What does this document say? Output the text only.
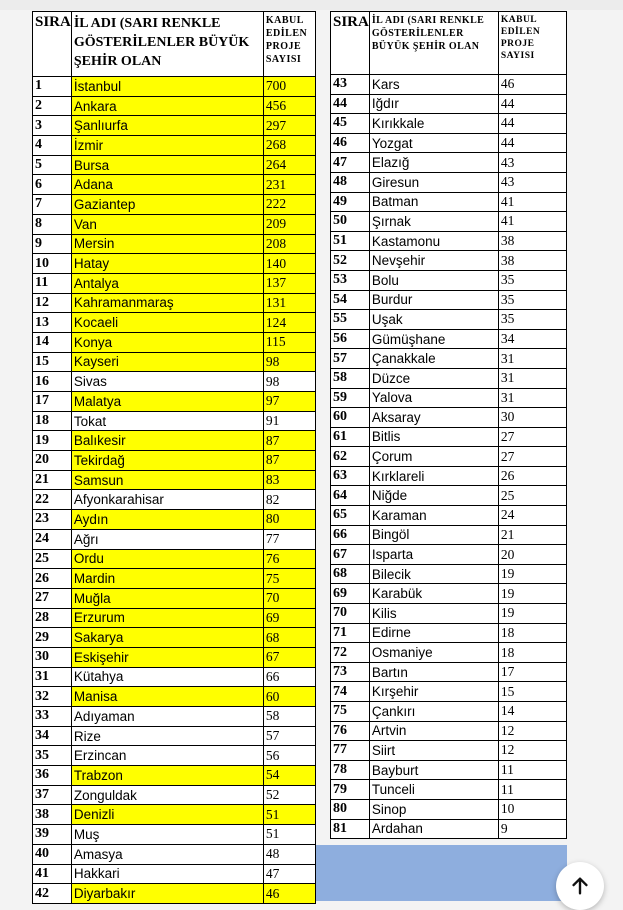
SIRA	İL ADI (SARI RENKLE GÖSTERİLENLER BÜYÜK ŞEHİR OLAN	KABUL EDİLEN PROJE SAYISI
1	İstanbul	700
2	Ankara	456
3	Şanlıurfa	297
4	İzmir	268
5	Bursa	264
6	Adana	231
7	Gaziantep	222
8	Van	209
9	Mersin	208
10	Hatay	140
11	Antalya	137
12	Kahramanmaraş	131
13	Kocaeli	124
14	Konya	115
15	Kayseri	98
16	Sivas	98
17	Malatya	97
18	Tokat	91
19	Balıkesir	87
20	Tekirdağ	87
21	Samsun	83
22	Afyonkarahisar	82
23	Aydın	80
24	Ağrı	77
25	Ordu	76
26	Mardin	75
27	Muğla	70
28	Erzurum	69
29	Sakarya	68
30	Eskişehir	67
31	Kütahya	66
32	Manisa	60
33	Adıyaman	58
34	Rize	57
35	Erzincan	56
36	Trabzon	54
37	Zonguldak	52
38	Denizli	51
39	Muş	51
40	Amasya	48
41	Hakkari	47
42	Diyarbakır	46
SIRA	İL ADI (SARI RENKLE GÖSTERİLENLER BÜYÜK ŞEHİR OLAN	KABUL EDİLEN PROJE SAYISI
43	Kars	46
44	Iğdır	44
45	Kırıkkale	44
46	Yozgat	44
47	Elazığ	43
48	Giresun	43
49	Batman	41
50	Şırnak	41
51	Kastamonu	38
52	Nevşehir	38
53	Bolu	35
54	Burdur	35
55	Uşak	35
56	Gümüşhane	34
57	Çanakkale	31
58	Düzce	31
59	Yalova	31
60	Aksaray	30
61	Bitlis	27
62	Çorum	27
63	Kırklareli	26
64	Niğde	25
65	Karaman	24
66	Bingöl	21
67	Isparta	20
68	Bilecik	19
69	Karabük	19
70	Kilis	19
71	Edirne	18
72	Osmaniye	18
73	Bartın	17
74	Kırşehir	15
75	Çankırı	14
76	Artvin	12
77	Siirt	12
78	Bayburt	11
79	Tunceli	11
80	Sinop	10
81	Ardahan	9
